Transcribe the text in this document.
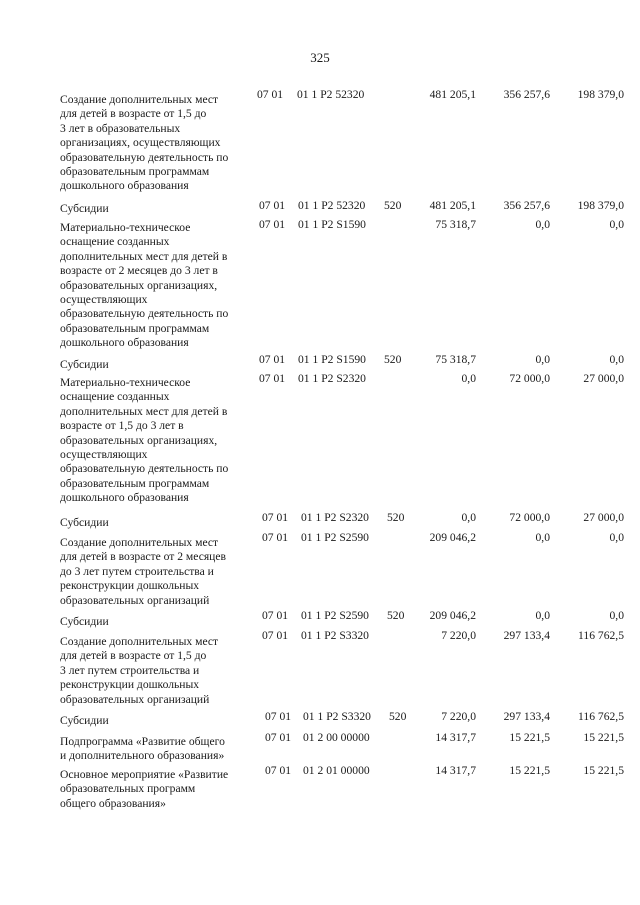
325
Создание дополнительных мест
для детей в возрасте от 1,5 до
3 лет в образовательных
организациях, осуществляющих
образовательную деятельность по
образовательным программам
дошкольного образования
07 01 01 1 P2 52320	481 205,1	356 257,6	198 379,0
Субсидии	07 01 01 1 P2 52320 520	481 205,1	356 257,6	198 379,0
Материально-техническое
оснащение созданных
дополнительных мест для детей в
возрасте от 2 месяцев до 3 лет в
образовательных организациях,
осуществляющих
образовательную деятельность по
образовательным программам
дошкольного образования
07 01 01 1 P2 S1590	75 318,7	0,0	0,0
Субсидии	07 01 01 1 P2 S1590 520	75 318,7	0,0	0,0
Материально-техническое
оснащение созданных
дополнительных мест для детей в
возрасте от 1,5 до 3 лет в
образовательных организациях,
осуществляющих
образовательную деятельность по
образовательным программам
дошкольного образования
07 01 01 1 P2 S2320	0,0	72 000,0	27 000,0
Субсидии	07 01 01 1 P2 S2320 520	0,0	72 000,0	27 000,0
Создание дополнительных мест
для детей в возрасте от 2 месяцев
до 3 лет путем строительства и
реконструкции дошкольных
образовательных организаций
07 01 01 1 P2 S2590	209 046,2	0,0	0,0
Субсидии	07 01 01 1 P2 S2590 520	209 046,2	0,0	0,0
Создание дополнительных мест
для детей в возрасте от 1,5 до
3 лет путем строительства и
реконструкции дошкольных
образовательных организаций
07 01 01 1 P2 S3320	7 220,0	297 133,4	116 762,5
Субсидии	07 01 01 1 P2 S3320 520	7 220,0	297 133,4	116 762,5
Подпрограмма «Развитие общего
и дополнительного образования»
07 01 01 2 00 00000	14 317,7	15 221,5	15 221,5
Основное мероприятие «Развитие
образовательных программ
общего образования»
07 01 01 2 01 00000	14 317,7	15 221,5	15 221,5
